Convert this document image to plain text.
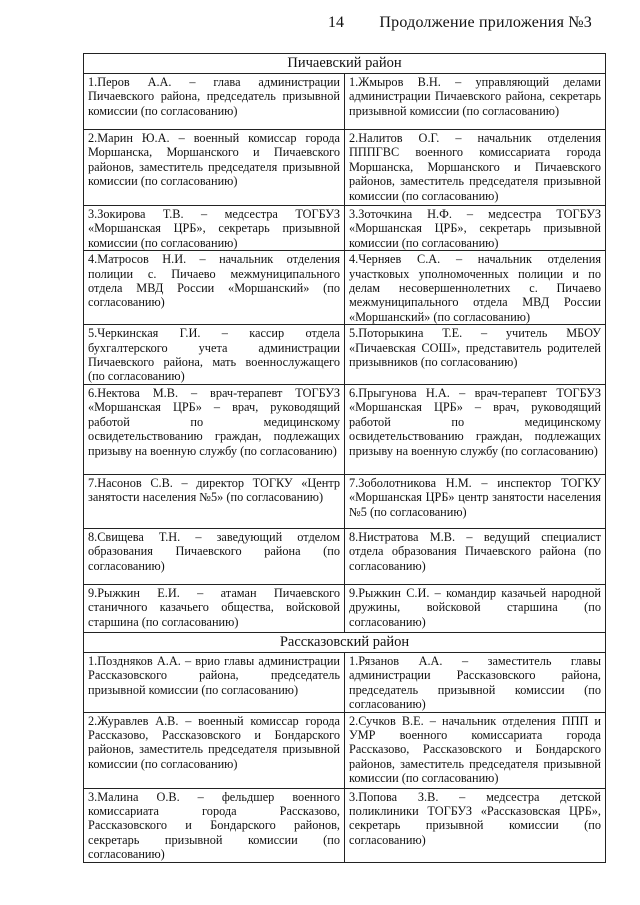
14 Продолжение приложения №3
Пичаевский район	
1.Перов А.А. – глава администрации Пичаевского района, председатель призывной комиссии (по согласованию)	1.Жмыров В.Н. – управляющий делами администрации Пичаевского района, секретарь призывной комиссии (по согласованию)
2.Марин Ю.А. – военный комиссар города Моршанска, Моршанского и Пичаевского районов, заместитель председателя призывной комиссии (по согласованию)	2.Налитов О.Г. – начальник отделения ПППГВС военного комиссариата города Моршанска, Моршанского и Пичаевского районов, заместитель председателя призывной комиссии (по согласованию)
3.Зокирова Т.В. – медсестра ТОГБУЗ «Моршанская ЦРБ», секретарь призывной комиссии (по согласованию)	3.Зоточкина Н.Ф. – медсестра ТОГБУЗ «Моршанская ЦРБ», секретарь призывной комиссии (по согласованию)
4.Матросов Н.И. – начальник отделения полиции с. Пичаево межмуниципального отдела МВД России «Моршанский» (по согласованию)	4.Черняев С.А. – начальник отделения участковых уполномоченных полиции и по делам несовершеннолетних с. Пичаево межмуниципального отдела МВД России «Моршанский» (по согласованию)
5.Черкинская Г.И. – кассир отдела бухгалтерского учета администрации Пичаевского района, мать военнослужащего (по согласованию)	5.Поторыкина Т.Е. – учитель МБОУ «Пичаевская СОШ», представитель родителей призывников (по согласованию)
6.Нектова М.В. – врач-терапевт ТОГБУЗ «Моршанская ЦРБ» – врач, руководящий работой по медицинскому освидетельствованию граждан, подлежащих призыву на военную службу (по согласованию)	6.Прыгунова Н.А. – врач-терапевт ТОГБУЗ «Моршанская ЦРБ» – врач, руководящий работой по медицинскому освидетельствованию граждан, подлежащих призыву на военную службу (по согласованию)
7.Насонов С.В. – директор ТОГКУ «Центр занятости населения №5» (по согласованию)	7.Зоболотникова Н.М. – инспектор ТОГКУ «Моршанская ЦРБ» центр занятости населения №5 (по согласованию)
8.Свищева Т.Н. – заведующий отделом образования Пичаевского района (по согласованию)	8.Нистратова М.В. – ведущий специалист отдела образования Пичаевского района (по согласованию)
9.Рыжкин Е.И. – атаман Пичаевского станичного казачьего общества, войсковой старшина (по согласованию)	9.Рыжкин С.И. – командир казачьей народной дружины, войсковой старшина (по согласованию)
Рассказовский район	
1.Поздняков А.А. – врио главы администрации Рассказовского района, председатель призывной комиссии (по согласованию)	1.Рязанов А.А. – заместитель главы администрации Рассказовского района, председатель призывной комиссии (по согласованию)
2.Журавлев А.В. – военный комиссар города Рассказово, Рассказовского и Бондарского районов, заместитель председателя призывной комиссии (по согласованию)	2.Сучков В.Е. – начальник отделения ППП и УМР военного комиссариата города Рассказово, Рассказовского и Бондарского районов, заместитель председателя призывной комиссии (по согласованию)
3.Малина О.В. – фельдшер военного комиссариата города Рассказово, Рассказовского и Бондарского районов, секретарь призывной комиссии (по согласованию)	3.Попова З.В. – медсестра детской поликлиники ТОГБУЗ «Рассказовская ЦРБ», секретарь призывной комиссии (по согласованию)
